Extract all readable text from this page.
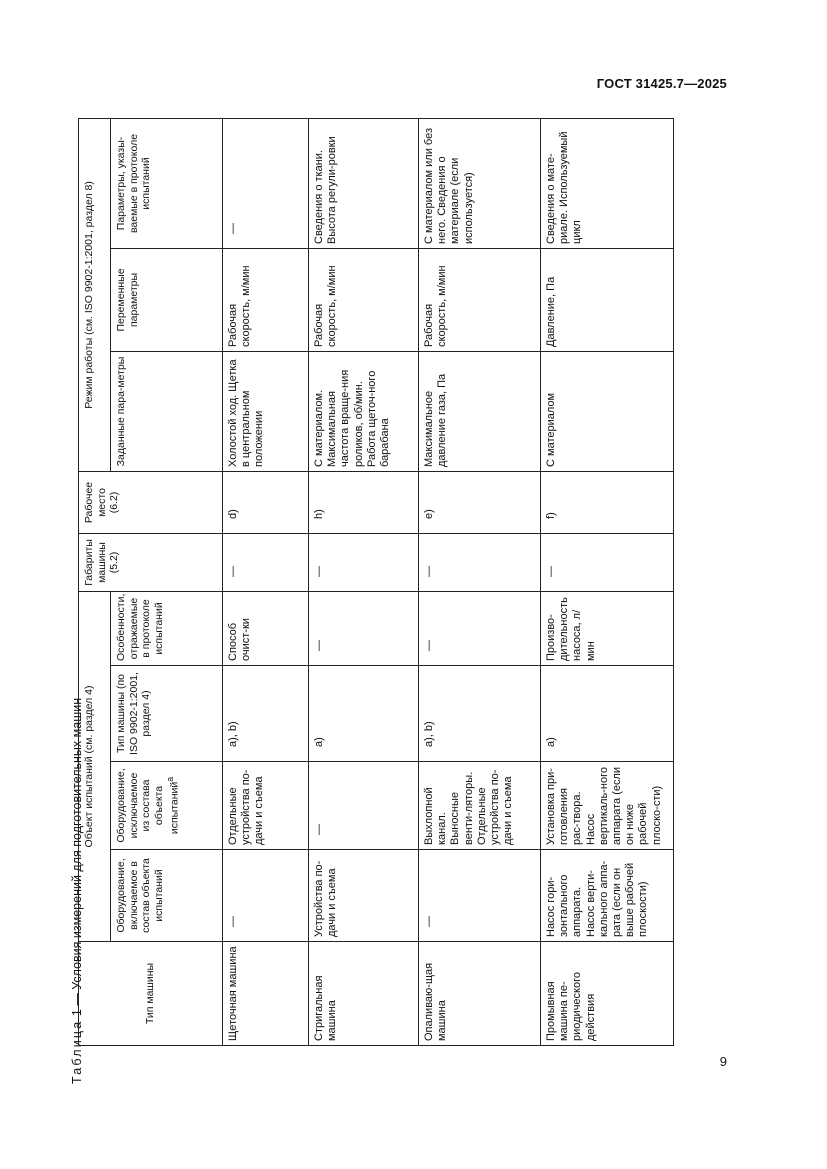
ГОСТ 31425.7—2025
Таблица 1 — Условия измерений для подготовительных машин	Тип машины	Объект испытаний (см. раздел 4)				Габариты машины (5.2)	Рабочее место (6.2)	Режим работы (см. ISO 9902-1:2001, раздел 8)		
	Оборудование, включаемое в состав объекта испытаний	Оборудование, исключаемое из состава объекта испытаний$^а$	Тип машины (по ISO 9902-1:2001, раздел 4)	Особенности, отражаемые в протоколе испытаний			Заданные пара-метры	Переменные параметры	Параметры, указы-ваемые в протоколе испытаний
Щеточная машина	—	Отдельные устройства по-дачи и съема	а), b)	Способ очист-ки	—	d)	Холостой ход. Щетка в центральном положении	Рабочая скорость, м/мин	—
Стригальная машина	Устройства по-дачи и съема	—	а)	—	—	h)	С материалом. Максимальная частота враще-ния роликов, об/мин. Работа щеточ-ного барабана	Рабочая скорость, м/мин	Сведения о ткани. Высота регули-ровки
Опаливаю-щая машина	—	Выхлопной канал. Выносные венти-ляторы. Отдельные устройства по-дачи и съема	а), b)	—	—	е)	Максимальное давление газа, Па	Рабочая скорость, м/мин	С материалом или без него. Сведения о материале (если используется)
Промывная машина пе-риодического действия	Насос гори-зонтального аппарата. Насос верти-кального аппа-рата (если он выше рабочей плоскости)	Установка при-готовления рас-твора. Насос вертикаль-ного аппарата (если он ниже рабочей плоско-сти)	а)	Произво-дительность насоса, л/мин	—	f)	С материалом	Давление, Па	Сведения о мате-риале. Используемый цикл
9
